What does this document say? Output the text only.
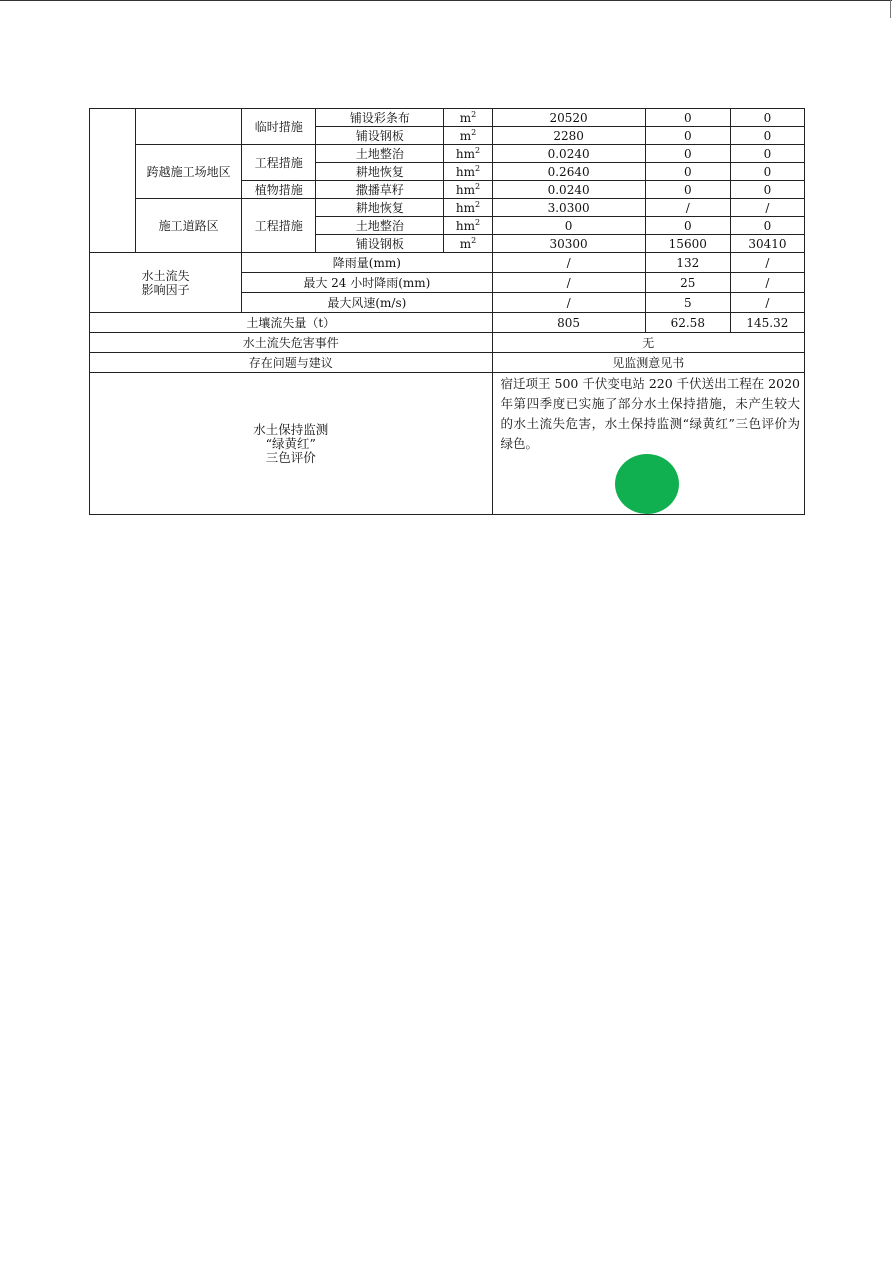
		临时措施	铺设彩条布	$m^2$	20520	0	0
			铺设钢板	$m^2$	2280	0	0
	跨越施工场地区	工程措施	土地整治	$hm^2$	0.0240	0	0
			耕地恢复	$hm^2$	0.2640	0	0
		植物措施	撒播草籽	$hm^2$	0.0240	0	0
	施工道路区	工程措施	耕地恢复	$hm^2$	3.0300	/	/
			土地整治	$hm^2$	0	0	0
			铺设钢板	$m^2$	30300	15600	30410

水土流失
影响因子		降雨量(mm)			/	132	/
		最大 24 小时降雨(mm)			/	25	/
		最大风速(m/s)			/	5	/
土壤流失量（t）					805	62.58	145.32
水土流失危害事件					无		
存在问题与建议					见监测意见书		

水土保持监测
“绿黄红”
三色评价					宿迁项王 500 千伏变电站 220 千伏送出工程在 2020 年第四季度已实施了部分水土保持措施，未产生较大的水土流失危害，水土保持监测“绿黄红”三色评价为绿色。		
